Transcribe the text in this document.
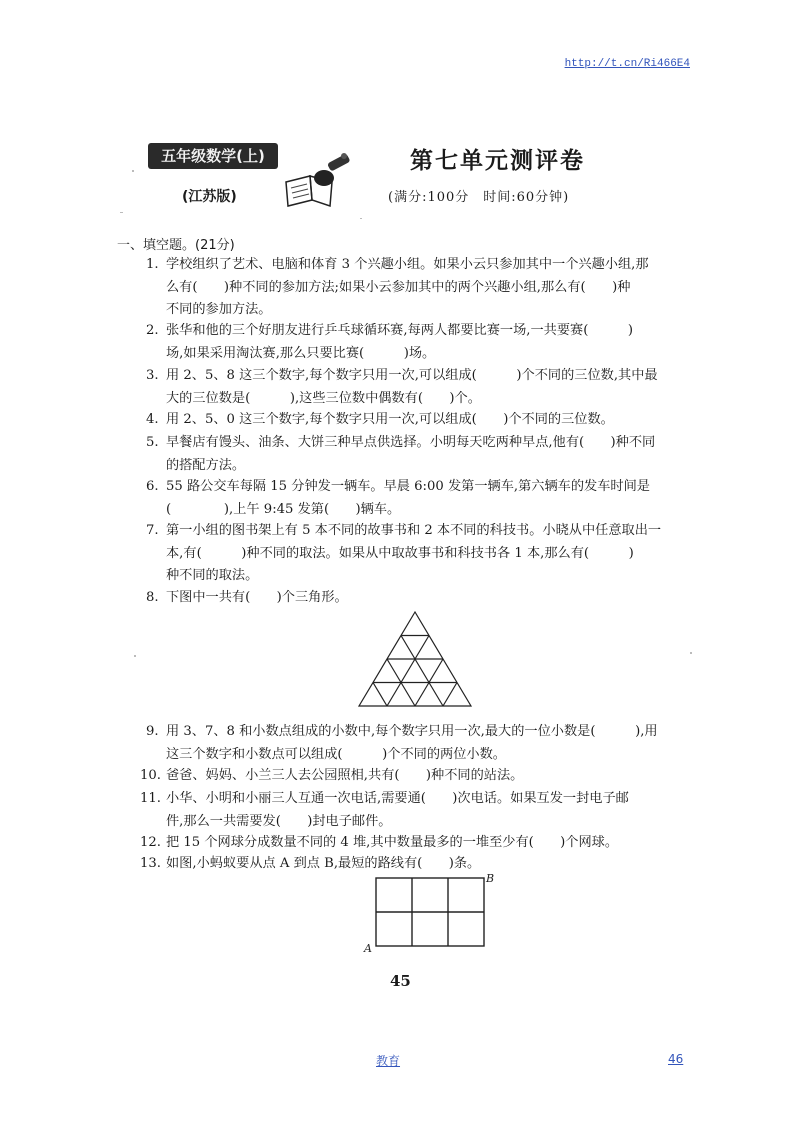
http://t.cn/Ri466E4
五年级数学(上)
(江苏版)
第七单元测评卷
(满分:100分　时间:60分钟)
一、填空题。(21分)
1. 学校组织了艺术、电脑和体育 3 个兴趣小组。如果小云只参加其中一个兴趣小组,那
么有(　　)种不同的参加方法;如果小云参加其中的两个兴趣小组,那么有(　　)种
不同的参加方法。
2. 张华和他的三个好朋友进行乒乓球循环赛,每两人都要比赛一场,一共要赛(　　　)
场,如果采用淘汰赛,那么只要比赛(　　　)场。
3. 用 2、5、8 这三个数字,每个数字只用一次,可以组成(　　　)个不同的三位数,其中最
大的三位数是(　　　),这些三位数中偶数有(　　)个。
4. 用 2、5、0 这三个数字,每个数字只用一次,可以组成(　　)个不同的三位数。
5. 早餐店有馒头、油条、大饼三种早点供选择。小明每天吃两种早点,他有(　　)种不同
的搭配方法。
6. 55 路公交车每隔 15 分钟发一辆车。早晨 6:00 发第一辆车,第六辆车的发车时间是
(　　　　),上午 9:45 发第(　　)辆车。
7. 第一小组的图书架上有 5 本不同的故事书和 2 本不同的科技书。小晓从中任意取出一
本,有(　　　)种不同的取法。如果从中取故事书和科技书各 1 本,那么有(　　　)
种不同的取法。
8. 下图中一共有(　　)个三角形。
9. 用 3、7、8 和小数点组成的小数中,每个数字只用一次,最大的一位小数是(　　　),用
这三个数字和小数点可以组成(　　　)个不同的两位小数。
10. 爸爸、妈妈、小兰三人去公园照相,共有(　　)种不同的站法。
11. 小华、小明和小丽三人互通一次电话,需要通(　　)次电话。如果互发一封电子邮
件,那么一共需要发(　　)封电子邮件。
12. 把 15 个网球分成数量不同的 4 堆,其中数量最多的一堆至少有(　　)个网球。
13. 如图,小蚂蚁要从点 A 到点 B,最短的路线有(　　)条。
A
B
45
教育	46
